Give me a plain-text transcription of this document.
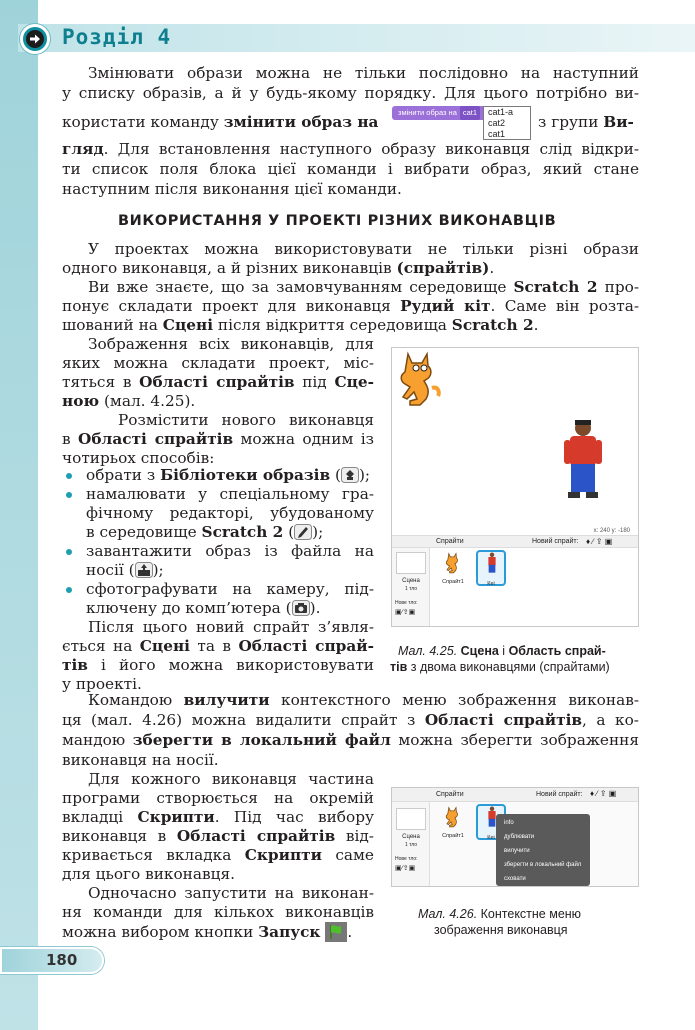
Розділ 4
Змінювати образи можна не тільки послідовно на наступний
у списку образів, а й у будь-якому порядку. Для цього потрібно ви-
користати команду змінити образ на	з групи Ви-
змінити образ на cat1	cat1-a
cat2
cat1
гляд. Для встановлення наступного образу виконавця слід відкри-
ти список поля блока цієї команди і вибрати образ, який стане
наступним після виконання цієї команди.
ВИКОРИСТАННЯ У ПРОЕКТІ РІЗНИХ ВИКОНАВЦІВ
У проектах можна використовувати не тільки різні образи
одного виконавця, а й різних виконавців (спрайтів).
Ви вже знаєте, що за замовчуванням середовище Scratch 2 про-
понує складати проект для виконавця Рудий кіт. Саме він розта-
шований на Сцені після відкриття середовища Scratch 2.
Зображення всіх виконавців, для
яких можна складати проект, міс-
тяться в Області спрайтів під Сце-
ною (мал. 4.25).
Розмістити нового виконавця
в Області спрайтів можна одним із
чотирьох способів:
обрати з Бібліотеки образів ( );
намалювати у спеціальному гра-
фічному редакторі, убудованому
в середовище Scratch 2 ( );
завантажити образ із файла на
носії ( );
сфотографувати на камеру, під-
ключену до комп’ютера ( ).
Після цього новий спрайт з’явля-
ється на Сцені та в Області спрай-
тів і його можна використовувати
у проекті.
x: 240 y: -180
Спрайти	Новий спрайт: ♦ ∕ ⇪ ▣
Сцена
1 тло
Нове тло:
▣∕⇪▣
Спрайт1	Кеі
Мал. 4.25. Сцена і Область спрай-
тів з двома виконавцями (спрайтами)
Командою вилучити контекстного меню зображення виконав-
ця (мал. 4.26) можна видалити спрайт з Області спрайтів, а ко-
мандою зберегти в локальний файл можна зберегти зображення
виконавця на носії.
Для кожного виконавця частина
програми створюється на окремій
вкладці Скрипти. Під час вибору
виконавця в Області спрайтів від-
кривається вкладка Скрипти саме
для цього виконавця.
Одночасно запустити на виконан-
ня команди для кількох виконавців
можна вибором кнопки Запуск .
Спрайти	Новий спрайт: ♦ ∕ ⇪ ▣
Сцена
1 тло
Нове тло:
▣∕⇪▣
Спрайт1	Кеі
info
дублювати
вилучити
зберегти в локальний файл
сховати
Мал. 4.26. Контекстне меню
зображення виконавця
180
